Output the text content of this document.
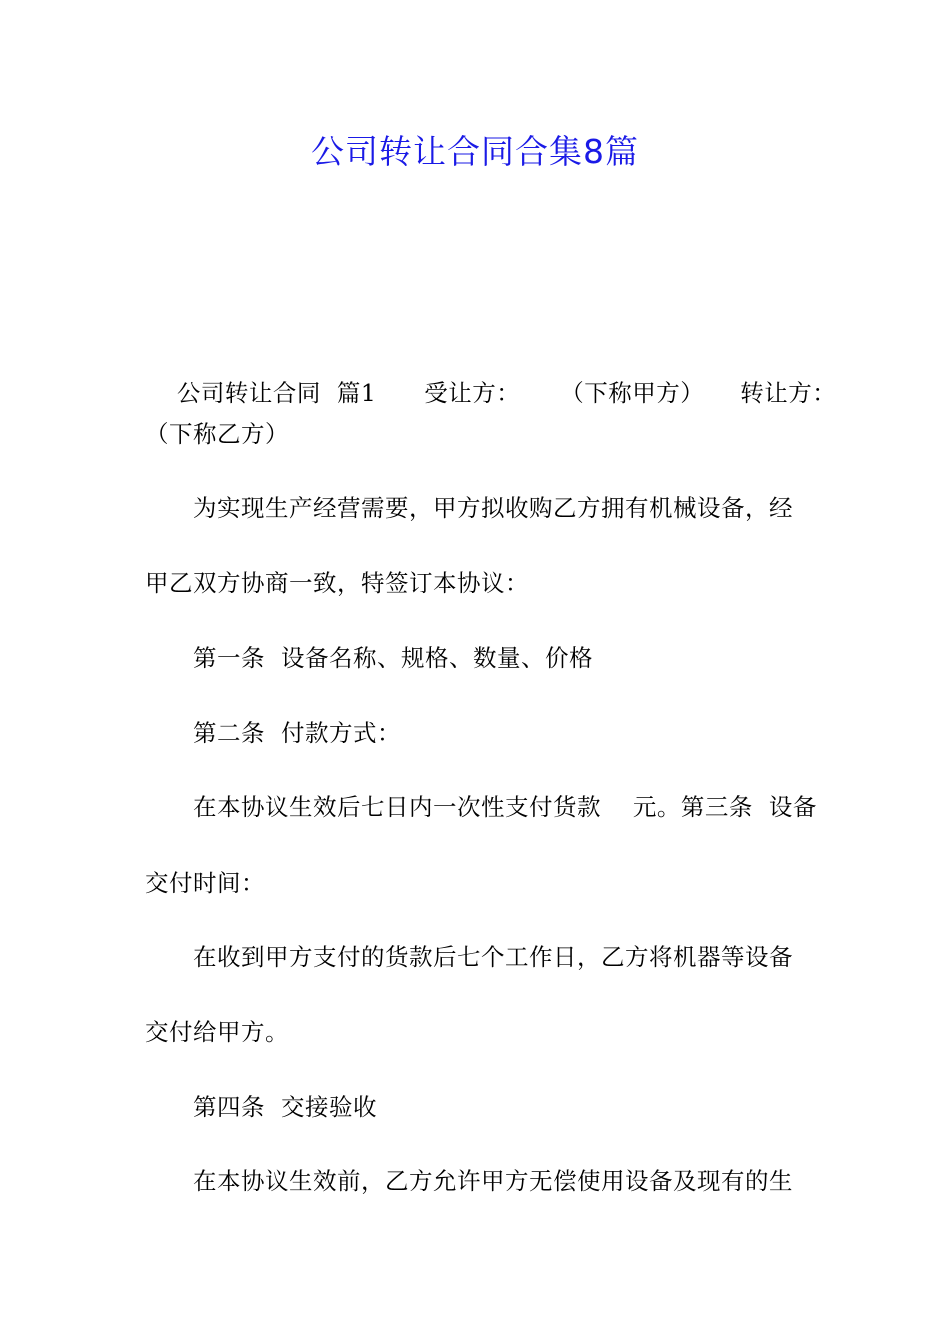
公司转让合同合集8篇

公司转让合同  篇1 受让方： （下称甲方） 转让方：

（下称乙方）
为实现生产经营需要，甲方拟收购乙方拥有机械设备，经
甲乙双方协商一致，特签订本协议：
第一条  设备名称、规格、数量、价格
第二条  付款方式：
在本协议生效后七日内一次性支付货款    元。第三条  设备
交付时间：
在收到甲方支付的货款后七个工作日，乙方将机器等设备
交付给甲方。
第四条  交接验收
在本协议生效前，乙方允许甲方无偿使用设备及现有的生
